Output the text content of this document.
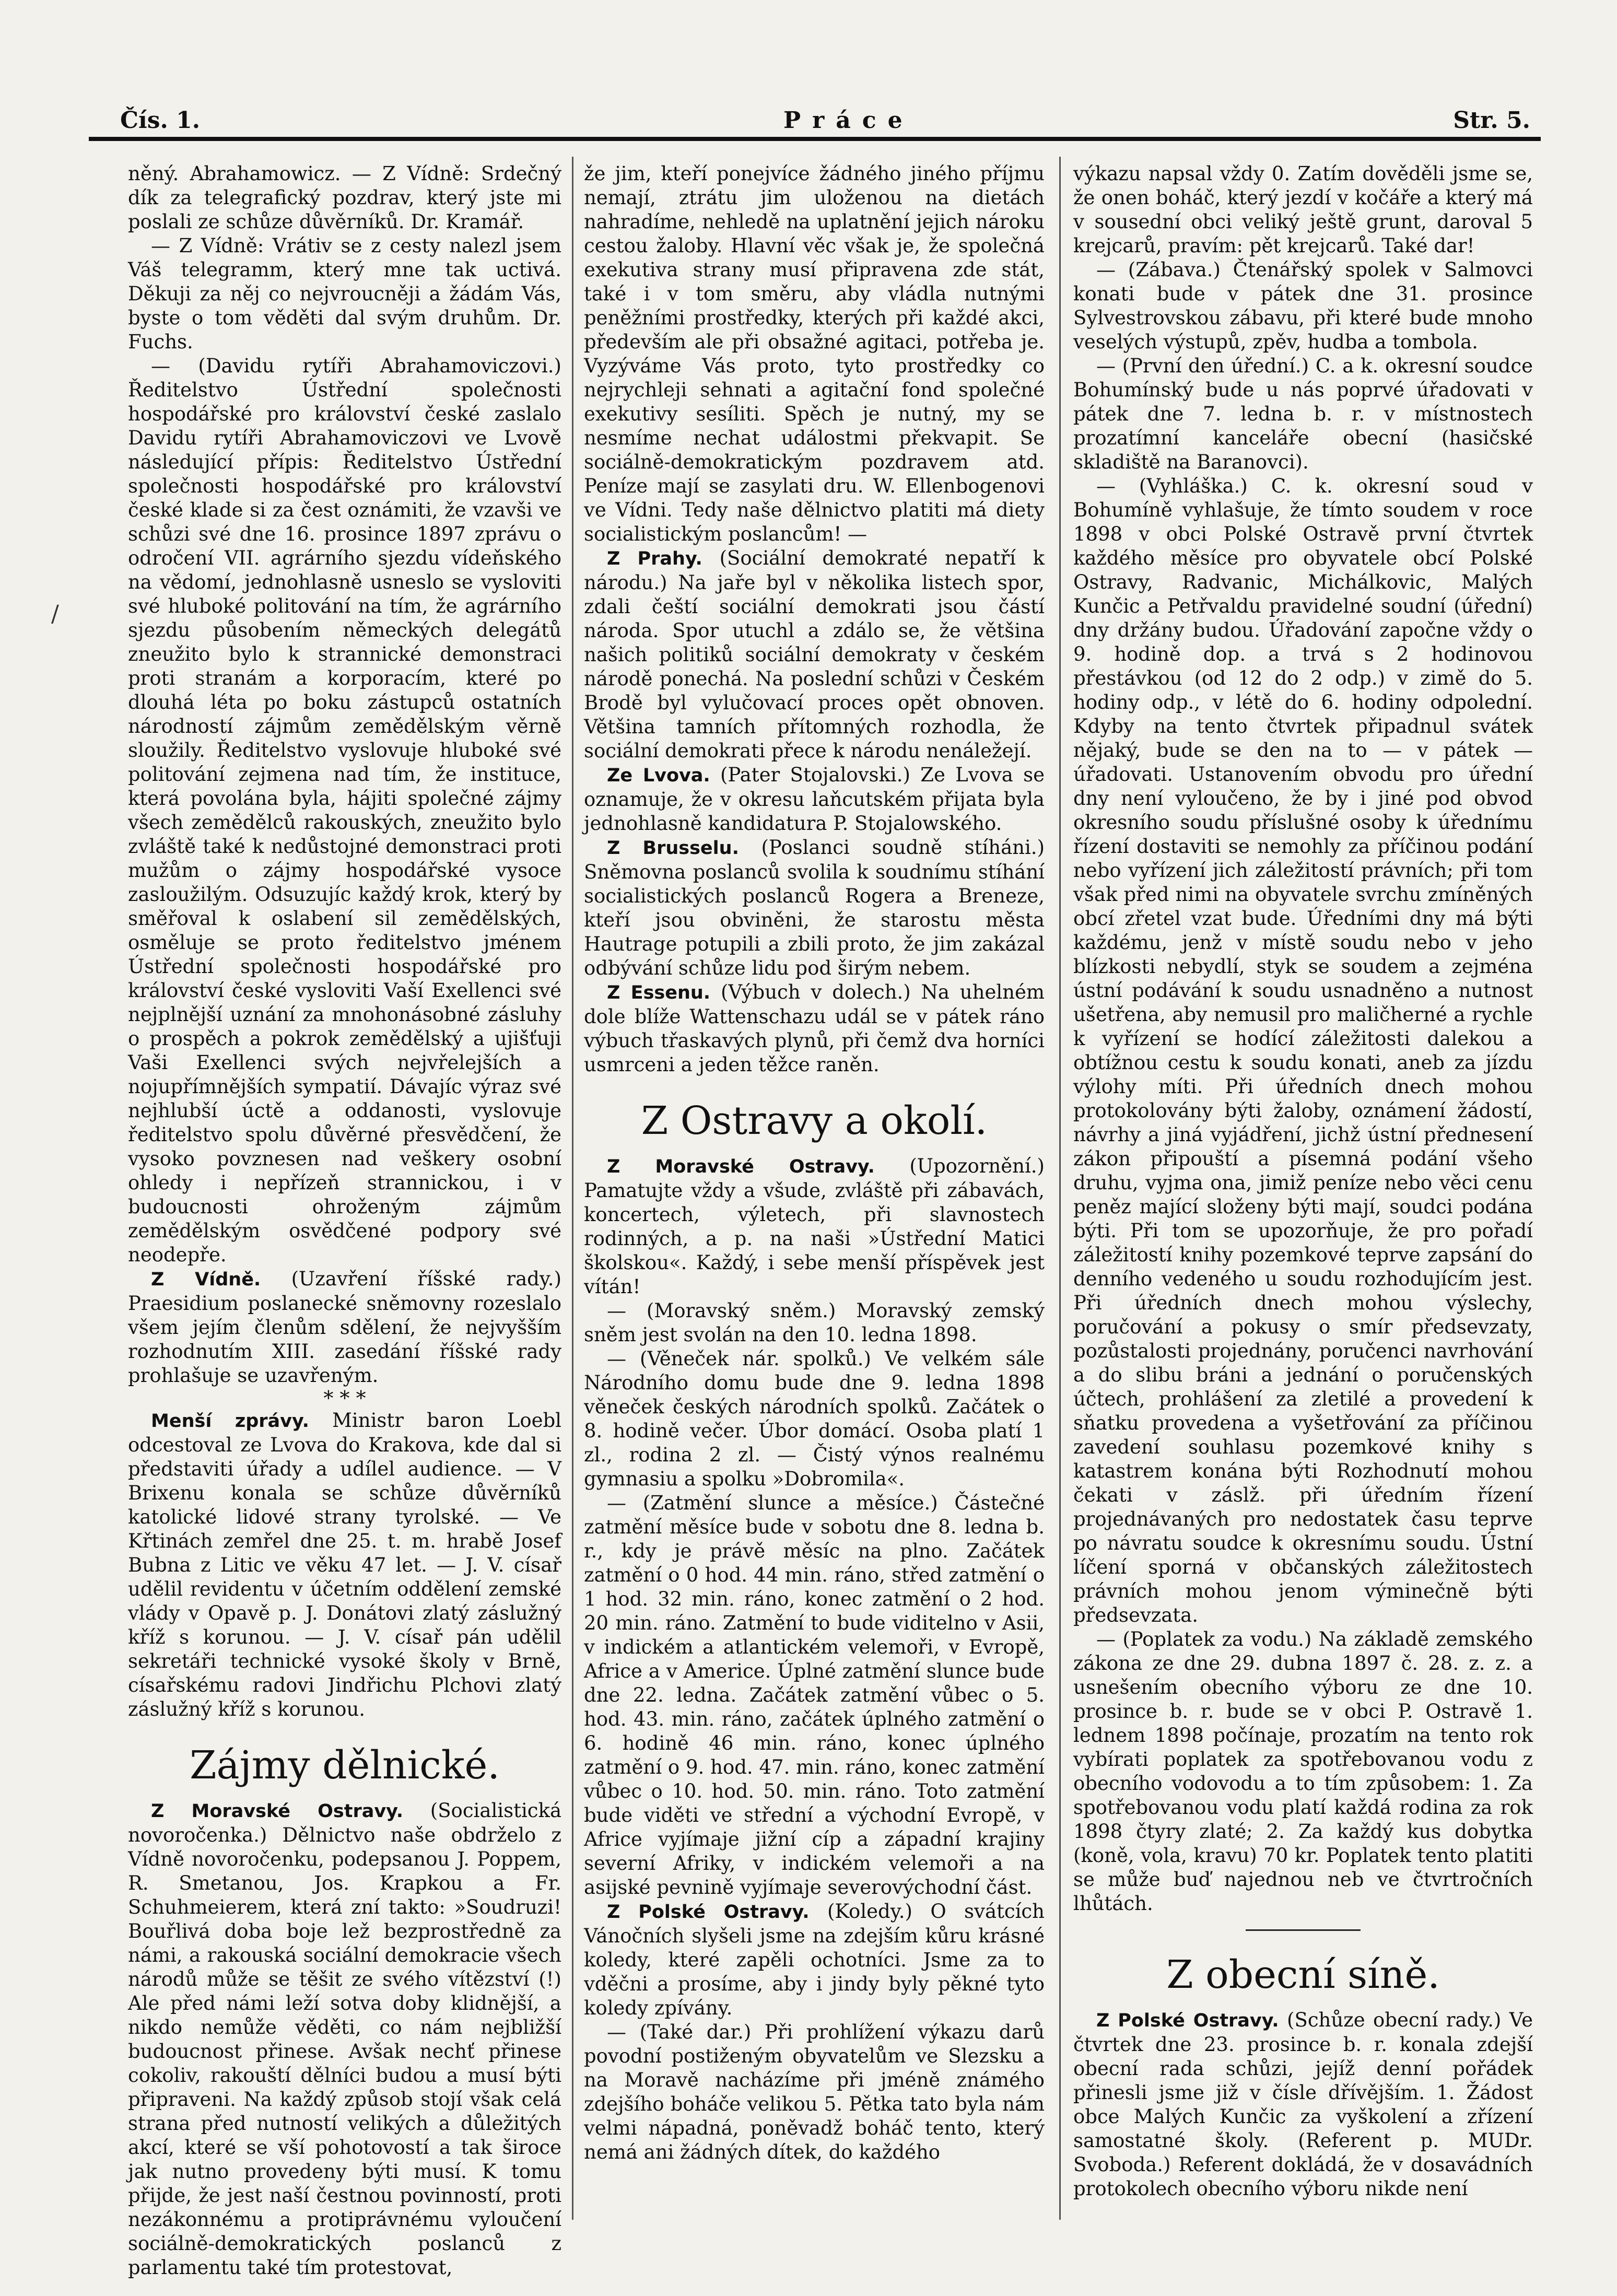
Čís. 1.	Práce	Str. 5.
/

něný. Abrahamowicz. — Z Vídně: Srdečný dík za telegrafický pozdrav, který jste mi poslali ze schůze důvěrníků. Dr. Kramář.

— Z Vídně: Vrátiv se z cesty nalezl jsem Váš telegramm, který mne tak uctivá. Děkuji za něj co nejvroucněji a žádám Vás, byste o tom věděti dal svým druhům. Dr. Fuchs.

— (Davidu rytíři Abrahamoviczovi.) Ředitelstvo Ústřední společnosti hospodářské pro království české zaslalo Davidu rytíři Abrahamoviczovi ve Lvově následující přípis: Ředitelstvo Ústřední společnosti hospodářské pro království české klade si za čest oznámiti, že vzavši ve schůzi své dne 16. prosince 1897 zprávu o odročení VII. agrárního sjezdu vídeňského na vědomí, jednohlasně usneslo se vysloviti své hluboké politování na tím, že agrárního sjezdu působením německých delegátů zneužito bylo k strannické demonstraci proti stranám a korporacím, které po dlouhá léta po boku zástupců ostatních národností zájmům zemědělským věrně sloužily. Ředitelstvo vyslovuje hluboké své politování zejmena nad tím, že instituce, která povolána byla, hájiti společné zájmy všech zemědělců rakouských, zneužito bylo zvláště také k nedůstojné demonstraci proti mužům o zájmy hospodářské vysoce zasloužilým. Odsuzujíc každý krok, který by směřoval k oslabení sil zemědělských, osměluje se proto ředitelstvo jménem Ústřední společnosti hospodářské pro království české vysloviti Vaší Exellenci své nejplnější uznání za mnohonásobné zásluhy o prospěch a pokrok zemědělský a ujišťuji Vaši Exellenci svých nejvřelejších a nojupřímnějších sympatií. Dávajíc výraz své nejhlubší úctě a oddanosti, vyslovuje ředitelstvo spolu důvěrné přesvědčení, že vysoko povznesen nad veškery osobní ohledy i nepřízeň strannickou, i v budoucnosti ohroženým zájmům zemědělským osvědčené podpory své neodepře.

Z Vídně. (Uzavření říšské rady.) Praesidium poslanecké sněmovny rozeslalo všem jejím členům sdělení, že nejvyšším rozhodnutím XIII. zasedání říšské rady prohlašuje se uzavřeným.

* * *

Menší zprávy. Ministr baron Loebl odcestoval ze Lvova do Krakova, kde dal si představiti úřady a udílel audience. — V Brixenu konala se schůze důvěrníků katolické lidové strany tyrolské. — Ve Křtinách zemřel dne 25. t. m. hrabě Josef Bubna z Litic ve věku 47 let. — J. V. císař udělil revidentu v účetním oddělení zemské vlády v Opavě p. J. Donátovi zlatý záslužný kříž s korunou. — J. V. císař pán udělil sekretáři technické vysoké školy v Brně, císařskému radovi Jindřichu Plchovi zlatý záslužný kříž s korunou.

Zájmy dělnické.

Z Moravské Ostravy. (Socialistická novoročenka.) Dělnictvo naše obdrželo z Vídně novoročenku, podepsanou J. Poppem, R. Smetanou, Jos. Krapkou a Fr. Schuhmeierem, která zní takto: »Soudruzi! Bouřlivá doba boje lež bezprostředně za námi, a rakouská sociální demokracie všech národů může se těšit ze svého vítězství (!) Ale před námi leží sotva doby klidnější, a nikdo nemůže věděti, co nám nejbližší budoucnost přinese. Avšak nechť přinese cokoliv, rakouští dělníci budou a musí býti připraveni. Na každý způsob stojí však celá strana před nutností velikých a důležitých akcí, které se vší pohotovostí a tak široce jak nutno provedeny býti musí. K tomu přijde, že jest naší čestnou povinností, proti nezákonnému a protiprávnému vyloučení sociálně-demokratických poslanců z parlamentu také tím protestovat,

že jim, kteří ponejvíce žádného jiného příjmu nemají, ztrátu jim uloženou na dietách nahradíme, nehledě na uplatnění jejich nároku cestou žaloby. Hlavní věc však je, že společná exekutiva strany musí připravena zde stát, také i v tom směru, aby vládla nutnými peněžními prostředky, kterých při každé akci, především ale při obsažné agitaci, potřeba je. Vyzýváme Vás proto, tyto prostředky co nejrychleji sehnati a agitační fond společné exekutivy sesíliti. Spěch je nutný, my se nesmíme nechat událostmi překvapit. Se sociálně-demokratickým pozdravem atd. Peníze mají se zasylati dru. W. Ellenbogenovi ve Vídni. Tedy naše dělnictvo platiti má diety socialistickým poslancům! —

Z Prahy. (Sociální demokraté nepatří k národu.) Na jaře byl v několika listech spor, zdali čeští sociální demokrati jsou částí národa. Spor utuchl a zdálo se, že většina našich politiků sociální demokraty v českém národě ponechá. Na poslední schůzi v Českém Brodě byl vylučovací proces opět obnoven. Většina tamních přítomných rozhodla, že sociální demokrati přece k národu nenáležejí.

Ze Lvova. (Pater Stojalovski.) Ze Lvova se oznamuje, že v okresu laňcutském přijata byla jednohlasně kandidatura P. Stojalowského.

Z Brusselu. (Poslanci soudně stíháni.) Sněmovna poslanců svolila k soudnímu stíhání socialistických poslanců Rogera a Breneze, kteří jsou obviněni, že starostu města Hautrage potupili a zbili proto, že jim zakázal odbývání schůze lidu pod širým nebem.

Z Essenu. (Výbuch v dolech.) Na uhelném dole blíže Wattenschazu udál se v pátek ráno výbuch třaskavých plynů, při čemž dva horníci usmrceni a jeden těžce raněn.

Z Ostravy a okolí.

Z Moravské Ostravy. (Upozornění.) Pamatujte vždy a všude, zvláště při zábavách, koncertech, výletech, při slavnostech rodinných, a p. na naši »Ústřední Matici školskou«. Každý, i sebe menší příspěvek jest vítán!

— (Moravský sněm.) Moravský zemský sněm jest svolán na den 10. ledna 1898.

— (Věneček nár. spolků.) Ve velkém sále Národního domu bude dne 9. ledna 1898 věneček českých národních spolků. Začátek o 8. hodině večer. Úbor domácí. Osoba platí 1 zl., rodina 2 zl. — Čistý výnos realnému gymnasiu a spolku »Dobromila«.

— (Zatmění slunce a měsíce.) Částečné zatmění měsíce bude v sobotu dne 8. ledna b. r., kdy je právě měsíc na plno. Začátek zatmění o 0 hod. 44 min. ráno, střed zatmění o 1 hod. 32 min. ráno, konec zatmění o 2 hod. 20 min. ráno. Zatmění to bude viditelno v Asii, v indickém a atlantickém velemoři, v Evropě, Africe a v Americe. Úplné zatmění slunce bude dne 22. ledna. Začátek zatmění vůbec o 5. hod. 43. min. ráno, začátek úplného zatmění o 6. hodině 46 min. ráno, konec úplného zatmění o 9. hod. 47. min. ráno, konec zatmění vůbec o 10. hod. 50. min. ráno. Toto zatmění bude viděti ve střední a východní Evropě, v Africe vyjímaje jižní cíp a západní krajiny severní Afriky, v indickém velemoři a na asijské pevnině vyjímaje severovýchodní část.

Z Polské Ostravy. (Koledy.) O svátcích Vánočních slyšeli jsme na zdejším kůru krásné koledy, které zapěli ochotníci. Jsme za to vděčni a prosíme, aby i jindy byly pěkné tyto koledy zpívány.

— (Také dar.) Při prohlížení výkazu darů povodní postiženým obyvatelům ve Slezsku a na Moravě nacházíme při jméně známého zdejšího boháče velikou 5. Pětka tato byla nám velmi nápadná, poněvadž boháč tento, který nemá ani žádných dítek, do každého

výkazu napsal vždy 0. Zatím dověděli jsme se, že onen boháč, který jezdí v kočáře a který má v sousední obci veliký ještě grunt, daroval 5 krejcarů, pravím: pět krejcarů. Také dar!

— (Zábava.) Čtenářský spolek v Salmovci konati bude v pátek dne 31. prosince Sylvestrovskou zábavu, při které bude mnoho veselých výstupů, zpěv, hudba a tombola.

— (První den úřední.) C. a k. okresní soudce Bohumínský bude u nás poprvé úřadovati v pátek dne 7. ledna b. r. v místnostech prozatímní kanceláře obecní (hasičské skladiště na Baranovci).

— (Vyhláška.) C. k. okresní soud v Bohumíně vyhlašuje, že tímto soudem v roce 1898 v obci Polské Ostravě první čtvrtek každého měsíce pro obyvatele obcí Polské Ostravy, Radvanic, Michálkovic, Malých Kunčic a Petřvaldu pravidelné soudní (úřední) dny držány budou. Úřadování započne vždy o 9. hodině dop. a trvá s 2 hodinovou přestávkou (od 12 do 2 odp.) v zimě do 5. hodiny odp., v létě do 6. hodiny odpolední. Kdyby na tento čtvrtek připadnul svátek nějaký, bude se den na to — v pátek — úřadovati. Ustanovením obvodu pro úřední dny není vyloučeno, že by i jiné pod obvod okresního soudu příslušné osoby k úřednímu řízení dostaviti se nemohly za příčinou podání nebo vyřízení jich záležitostí právních; při tom však před nimi na obyvatele svrchu zmíněných obcí zřetel vzat bude. Úředními dny má býti každému, jenž v místě soudu nebo v jeho blízkosti nebydlí, styk se soudem a zejména ústní podávání k soudu usnadněno a nutnost ušetřena, aby nemusil pro maličherné a rychle k vyřízení se hodící záležitosti dalekou a obtížnou cestu k soudu konati, aneb za jízdu výlohy míti. Při úředních dnech mohou protokolovány býti žaloby, oznámení žádostí, návrhy a jiná vyjádření, jichž ústní přednesení zákon připouští a písemná podání všeho druhu, vyjma ona, jimiž peníze nebo věci cenu peněz mající složeny býti mají, soudci podána býti. Při tom se upozorňuje, že pro pořadí záležitostí knihy pozemkové teprve zapsání do denního vedeného u soudu rozhodujícím jest. Při úředních dnech mohou výslechy, poručování a pokusy o smír předsevzaty, pozůstalosti projednány, poručenci navrhování a do slibu bráni a jednání o poručenských účtech, prohlášení za zletilé a provedení k sňatku provedena a vyšetřování za příčinou zavedení souhlasu pozemkové knihy s katastrem konána býti Rozhodnutí mohou čekati v záslž. při úředním řízení projednávaných pro nedostatek času teprve po návratu soudce k okresnímu soudu. Ústní líčení sporná v občanských záležitostech právních mohou jenom výminečně býti předsevzata.

— (Poplatek za vodu.) Na základě zemského zákona ze dne 29. dubna 1897 č. 28. z. z. a usnešením obecního výboru ze dne 10. prosince b. r. bude se v obci P. Ostravě 1. lednem 1898 počínaje, prozatím na tento rok vybírati poplatek za spotřebovanou vodu z obecního vodovodu a to tím způsobem: 1. Za spotřebovanou vodu platí každá rodina za rok 1898 čtyry zlaté; 2. Za každý kus dobytka (koně, vola, kravu) 70 kr. Poplatek tento platiti se může buď najednou neb ve čtvrtročních lhůtách.

Z obecní síně.

Z Polské Ostravy. (Schůze obecní rady.) Ve čtvrtek dne 23. prosince b. r. konala zdejší obecní rada schůzi, jejíž denní pořádek přinesli jsme již v čísle dřívějším. 1. Žádost obce Malých Kunčic za vyškolení a zřízení samostatné školy. (Referent p. MUDr. Svoboda.) Referent dokládá, že v dosavádních protokolech obecního výboru nikde není
